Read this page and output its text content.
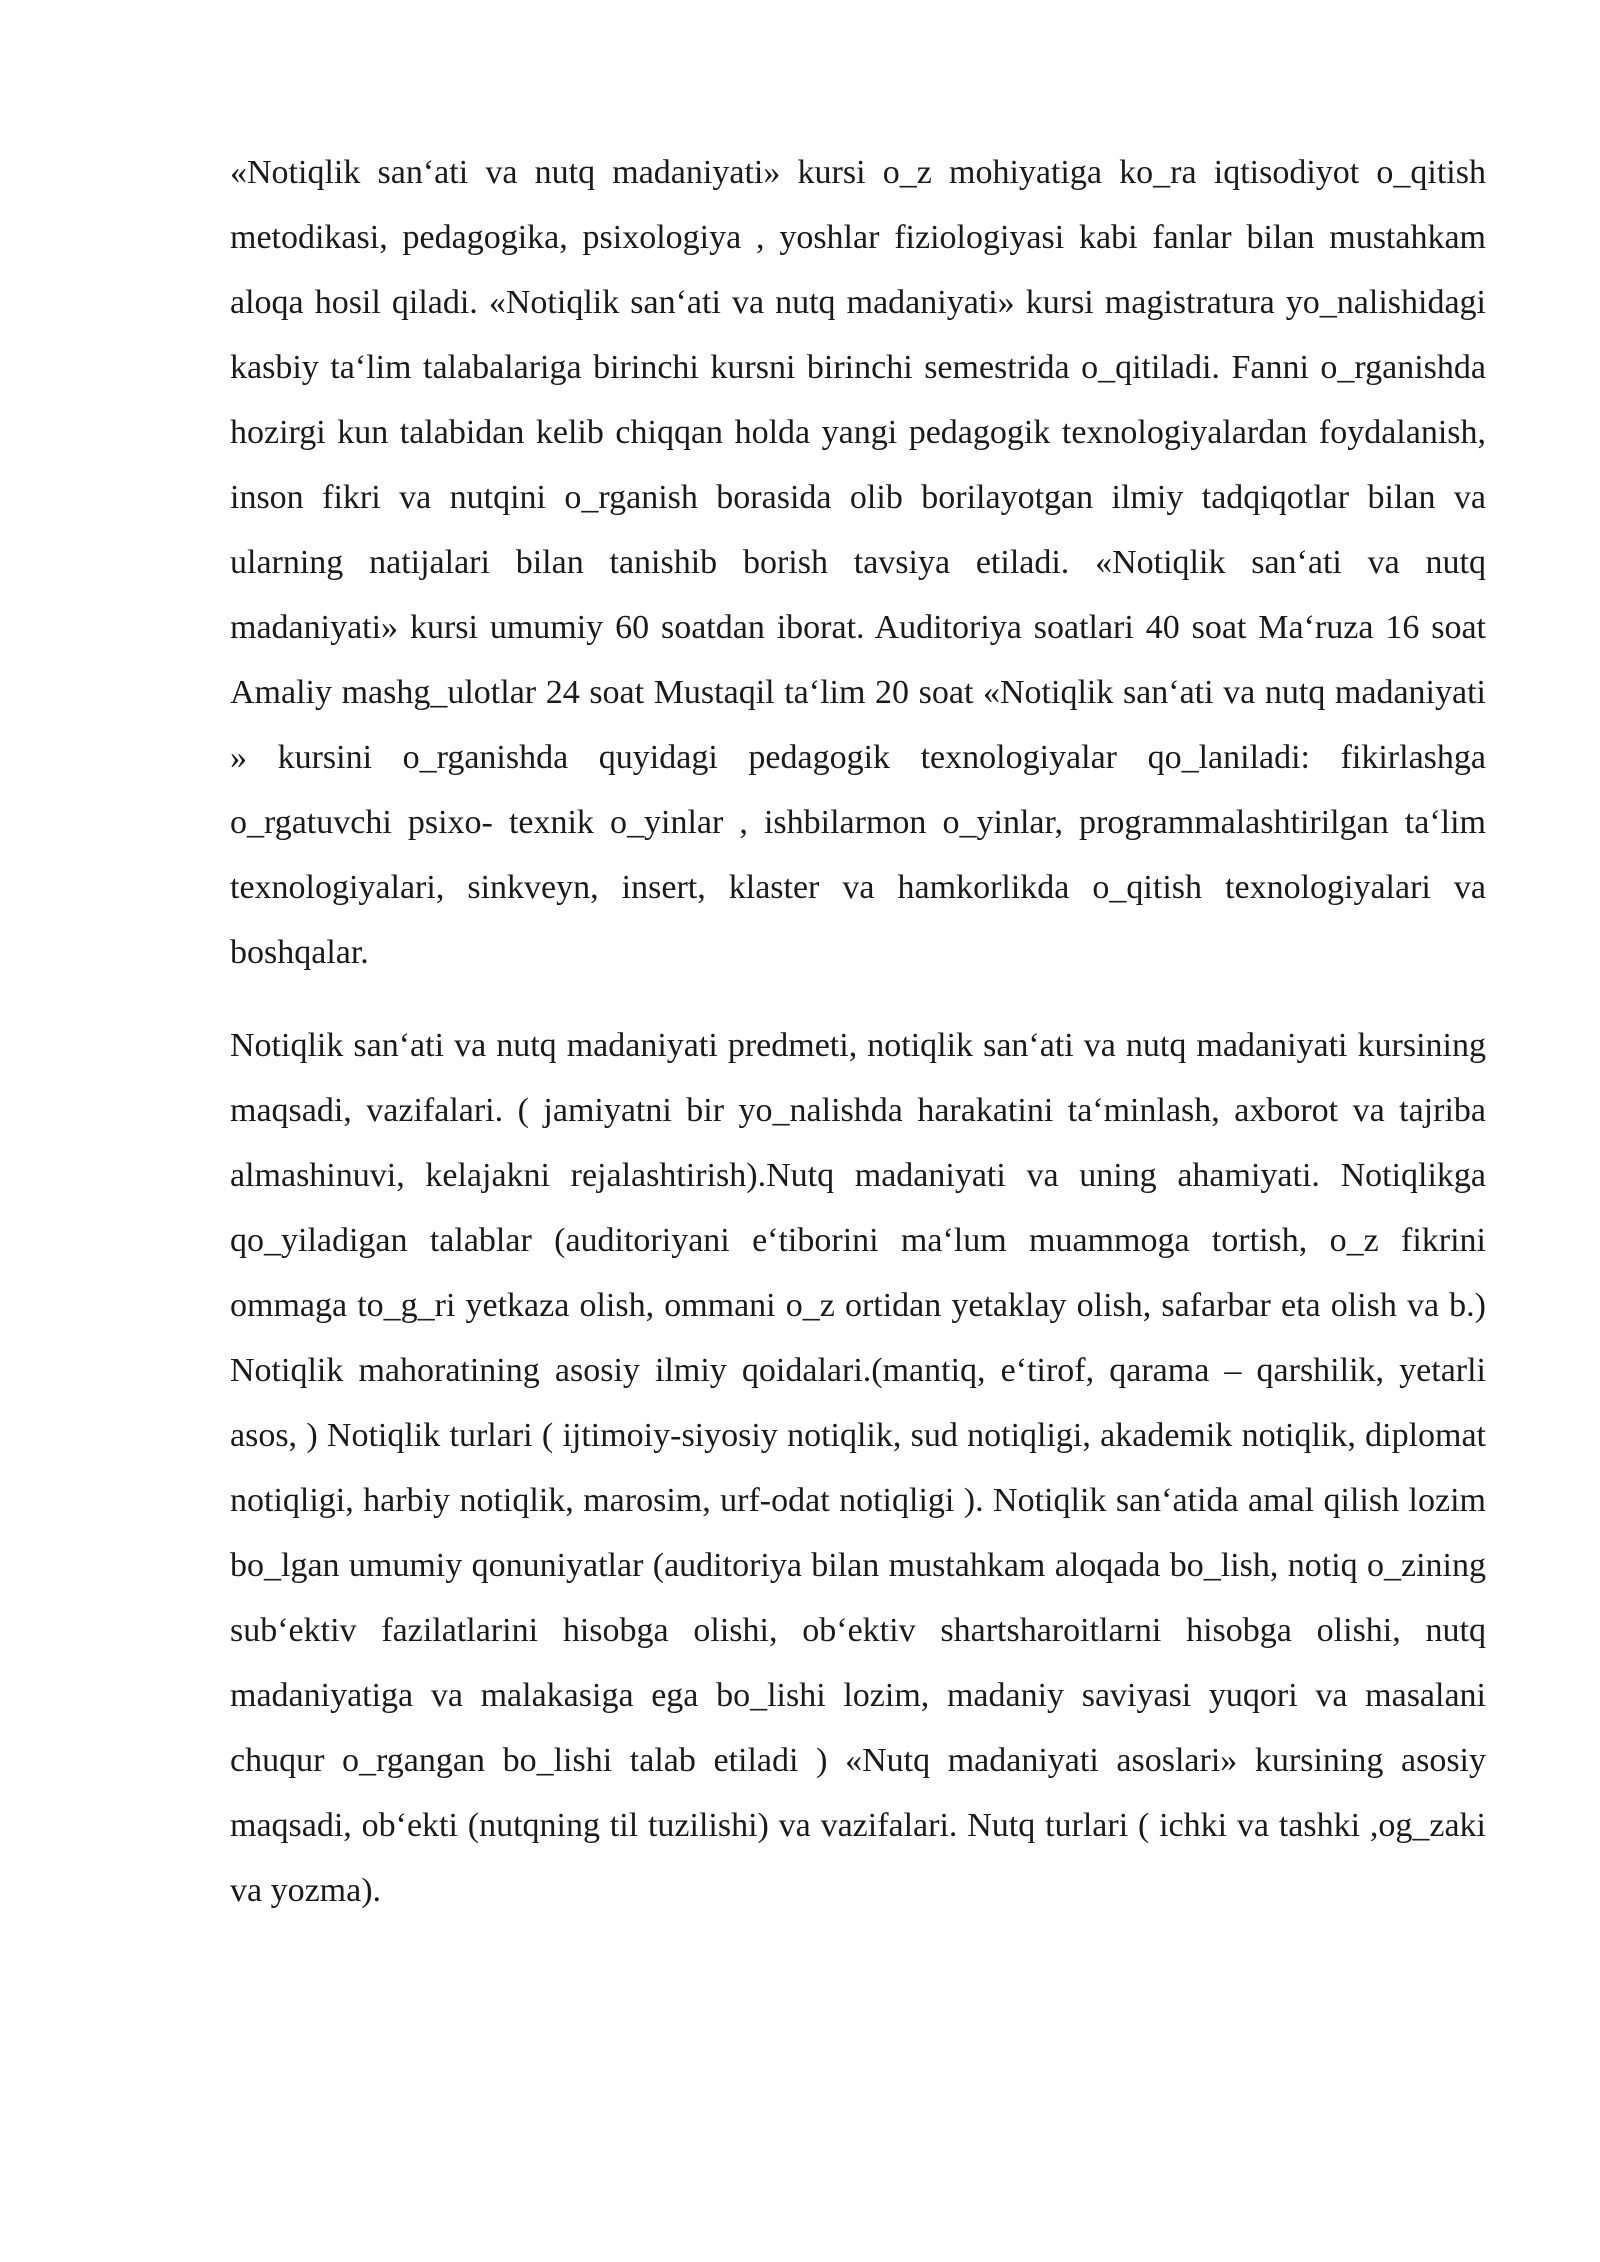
«Notiqlik san‘ati va nutq madaniyati» kursi o_z mohiyatiga ko_ra iqtisodiyot o_qitish metodikasi, pedagogika, psixologiya , yoshlar fiziologiyasi kabi fanlar bilan mustahkam aloqa hosil qiladi. «Notiqlik san‘ati va nutq madaniyati» kursi magistratura yo_nalishidagi kasbiy ta‘lim talabalariga birinchi kursni birinchi semestrida o_qitiladi. Fanni o_rganishda hozirgi kun talabidan kelib chiqqan holda yangi pedagogik texnologiyalardan foydalanish, inson fikri va nutqini o_rganish borasida olib borilayotgan ilmiy tadqiqotlar bilan va ularning natijalari bilan tanishib borish tavsiya etiladi. «Notiqlik san‘ati va nutq madaniyati» kursi umumiy 60 soatdan iborat. Auditoriya soatlari 40 soat Ma‘ruza 16 soat Amaliy mashg_ulotlar 24 soat Mustaqil ta‘lim 20 soat «Notiqlik san‘ati va nutq madaniyati » kursini o_rganishda quyidagi pedagogik texnologiyalar qo_laniladi: fikirlashga o_rgatuvchi psixo- texnik o_yinlar , ishbilarmon o_yinlar, programmalashtirilgan ta‘lim texnologiyalari, sinkveyn, insert, klaster va hamkorlikda o_qitish texnologiyalari va boshqalar.

Notiqlik san‘ati va nutq madaniyati predmeti, notiqlik san‘ati va nutq madaniyati kursining maqsadi, vazifalari. ( jamiyatni bir yo_nalishda harakatini ta‘minlash, axborot va tajriba almashinuvi, kelajakni rejalashtirish).Nutq madaniyati va uning ahamiyati. Notiqlikga qo_yiladigan talablar (auditoriyani e‘tiborini ma‘lum muammoga tortish, o_z fikrini ommaga to_g_ri yetkaza olish, ommani o_z ortidan yetaklay olish, safarbar eta olish va b.) Notiqlik mahoratining asosiy ilmiy qoidalari.(mantiq, e‘tirof, qarama – qarshilik, yetarli asos, ) Notiqlik turlari ( ijtimoiy-siyosiy notiqlik, sud notiqligi, akademik notiqlik, diplomat notiqligi, harbiy notiqlik, marosim, urf-odat notiqligi ). Notiqlik san‘atida amal qilish lozim bo_lgan umumiy qonuniyatlar (auditoriya bilan mustahkam aloqada bo_lish, notiq o_zining sub‘ektiv fazilatlarini hisobga olishi, ob‘ektiv shartsharoitlarni hisobga olishi, nutq madaniyatiga va malakasiga ega bo_lishi lozim, madaniy saviyasi yuqori va masalani chuqur o_rgangan bo_lishi talab etiladi ) «Nutq madaniyati asoslari» kursining asosiy maqsadi, ob‘ekti (nutqning til tuzilishi) va vazifalari. Nutq turlari ( ichki va tashki ,og_zaki va yozma).
